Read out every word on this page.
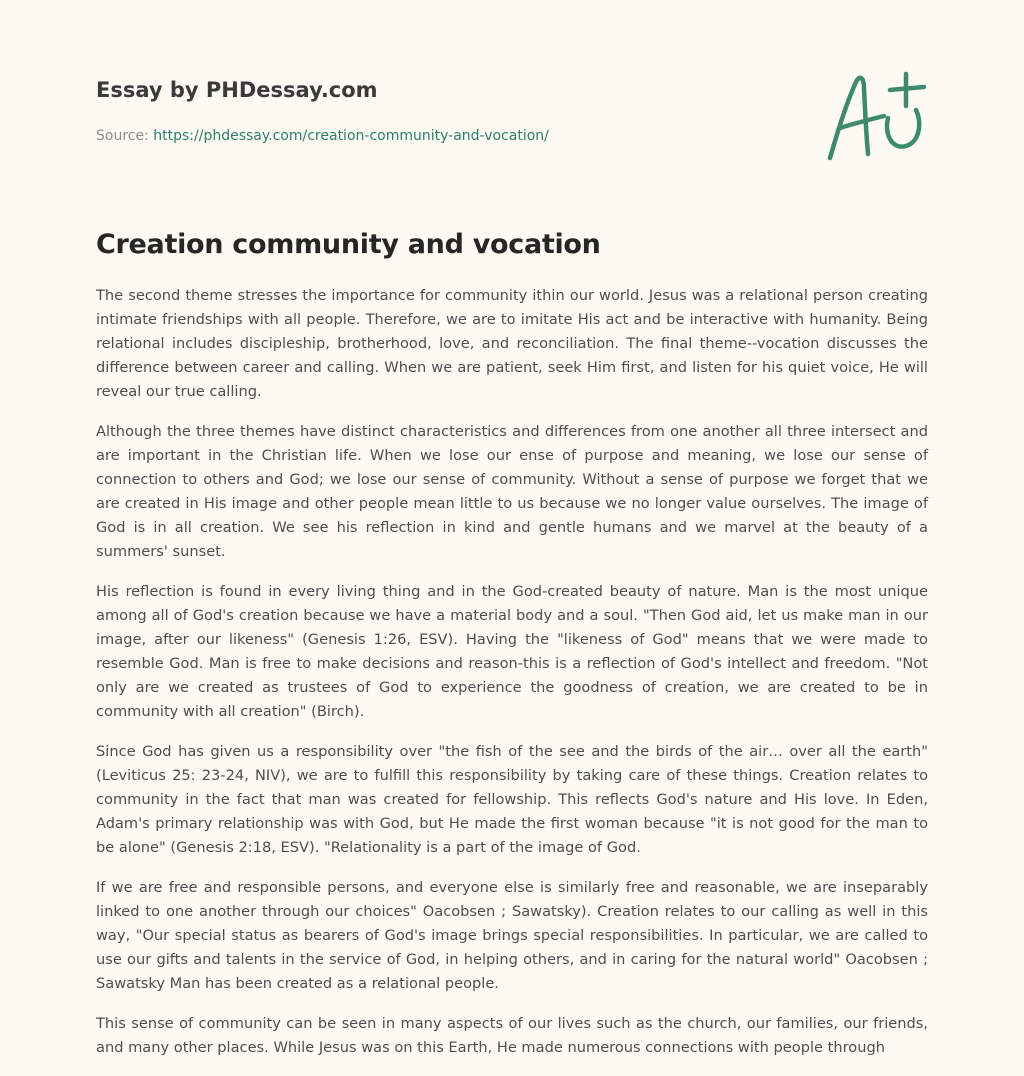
Essay by PHDessay.com
Source: https://phdessay.com/creation-community-and-vocation/
Creation community and vocation

The second theme stresses the importance for community ithin our world. Jesus was a relational person creating intimate friendships with all people. Therefore, we are to imitate His act and be interactive with humanity. Being relational includes discipleship, brotherhood, love, and reconciliation. The final theme--vocation discusses the difference between career and calling. When we are patient, seek Him first, and listen for his quiet voice, He will reveal our true calling.

Although the three themes have distinct characteristics and differences from one another all three intersect and are important in the Christian life. When we lose our ense of purpose and meaning, we lose our sense of connection to others and God; we lose our sense of community. Without a sense of purpose we forget that we are created in His image and other people mean little to us because we no longer value ourselves. The image of God is in all creation. We see his reflection in kind and gentle humans and we marvel at the beauty of a summers' sunset.

His reflection is found in every living thing and in the God-created beauty of nature. Man is the most unique among all of God's creation because we have a material body and a soul. "Then God aid, let us make man in our image, after our likeness" (Genesis 1:26, ESV). Having the "likeness of God" means that we were made to resemble God. Man is free to make decisions and reason-this is a reflection of God's intellect and freedom. "Not only are we created as trustees of God to experience the goodness of creation, we are created to be in community with all creation" (Birch).

Since God has given us a responsibility over "the fish of the see and the birds of the air… over all the earth" (Leviticus 25: 23-24, NIV), we are to fulfill this responsibility by taking care of these things. Creation relates to community in the fact that man was created for fellowship. This reflects God's nature and His love. In Eden, Adam's primary relationship was with God, but He made the first woman because "it is not good for the man to be alone" (Genesis 2:18, ESV). "Relationality is a part of the image of God.

If we are free and responsible persons, and everyone else is similarly free and reasonable, we are inseparably linked to one another through our choices" Oacobsen ; Sawatsky). Creation relates to our calling as well in this way, "Our special status as bearers of God's image brings special responsibilities. In particular, we are called to use our gifts and talents in the service of God, in helping others, and in caring for the natural world" Oacobsen ; Sawatsky Man has been created as a relational people.

This sense of community can be seen in many aspects of our lives such as the church, our families, our friends, and many other places. While Jesus was on this Earth, He made numerous connections with people through
